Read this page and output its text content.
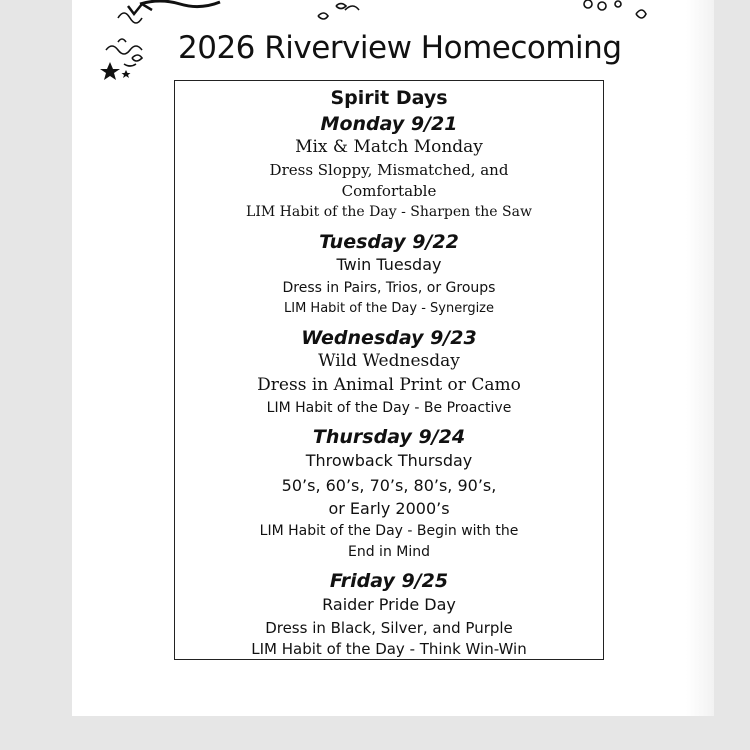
2026 Riverview Homecoming
Spirit Days
Monday 9/21
Mix & Match Monday
Dress Sloppy, Mismatched, and
Comfortable
LIM Habit of the Day - Sharpen the Saw
Tuesday 9/22
Twin Tuesday
Dress in Pairs, Trios, or Groups
LIM Habit of the Day - Synergize
Wednesday 9/23
Wild Wednesday
Dress in Animal Print or Camo
LIM Habit of the Day - Be Proactive
Thursday 9/24
Throwback Thursday
50’s, 60’s, 70’s, 80’s, 90’s,
or Early 2000’s
LIM Habit of the Day - Begin with the
End in Mind
Friday 9/25
Raider Pride Day
Dress in Black, Silver, and Purple
LIM Habit of the Day - Think Win-Win
